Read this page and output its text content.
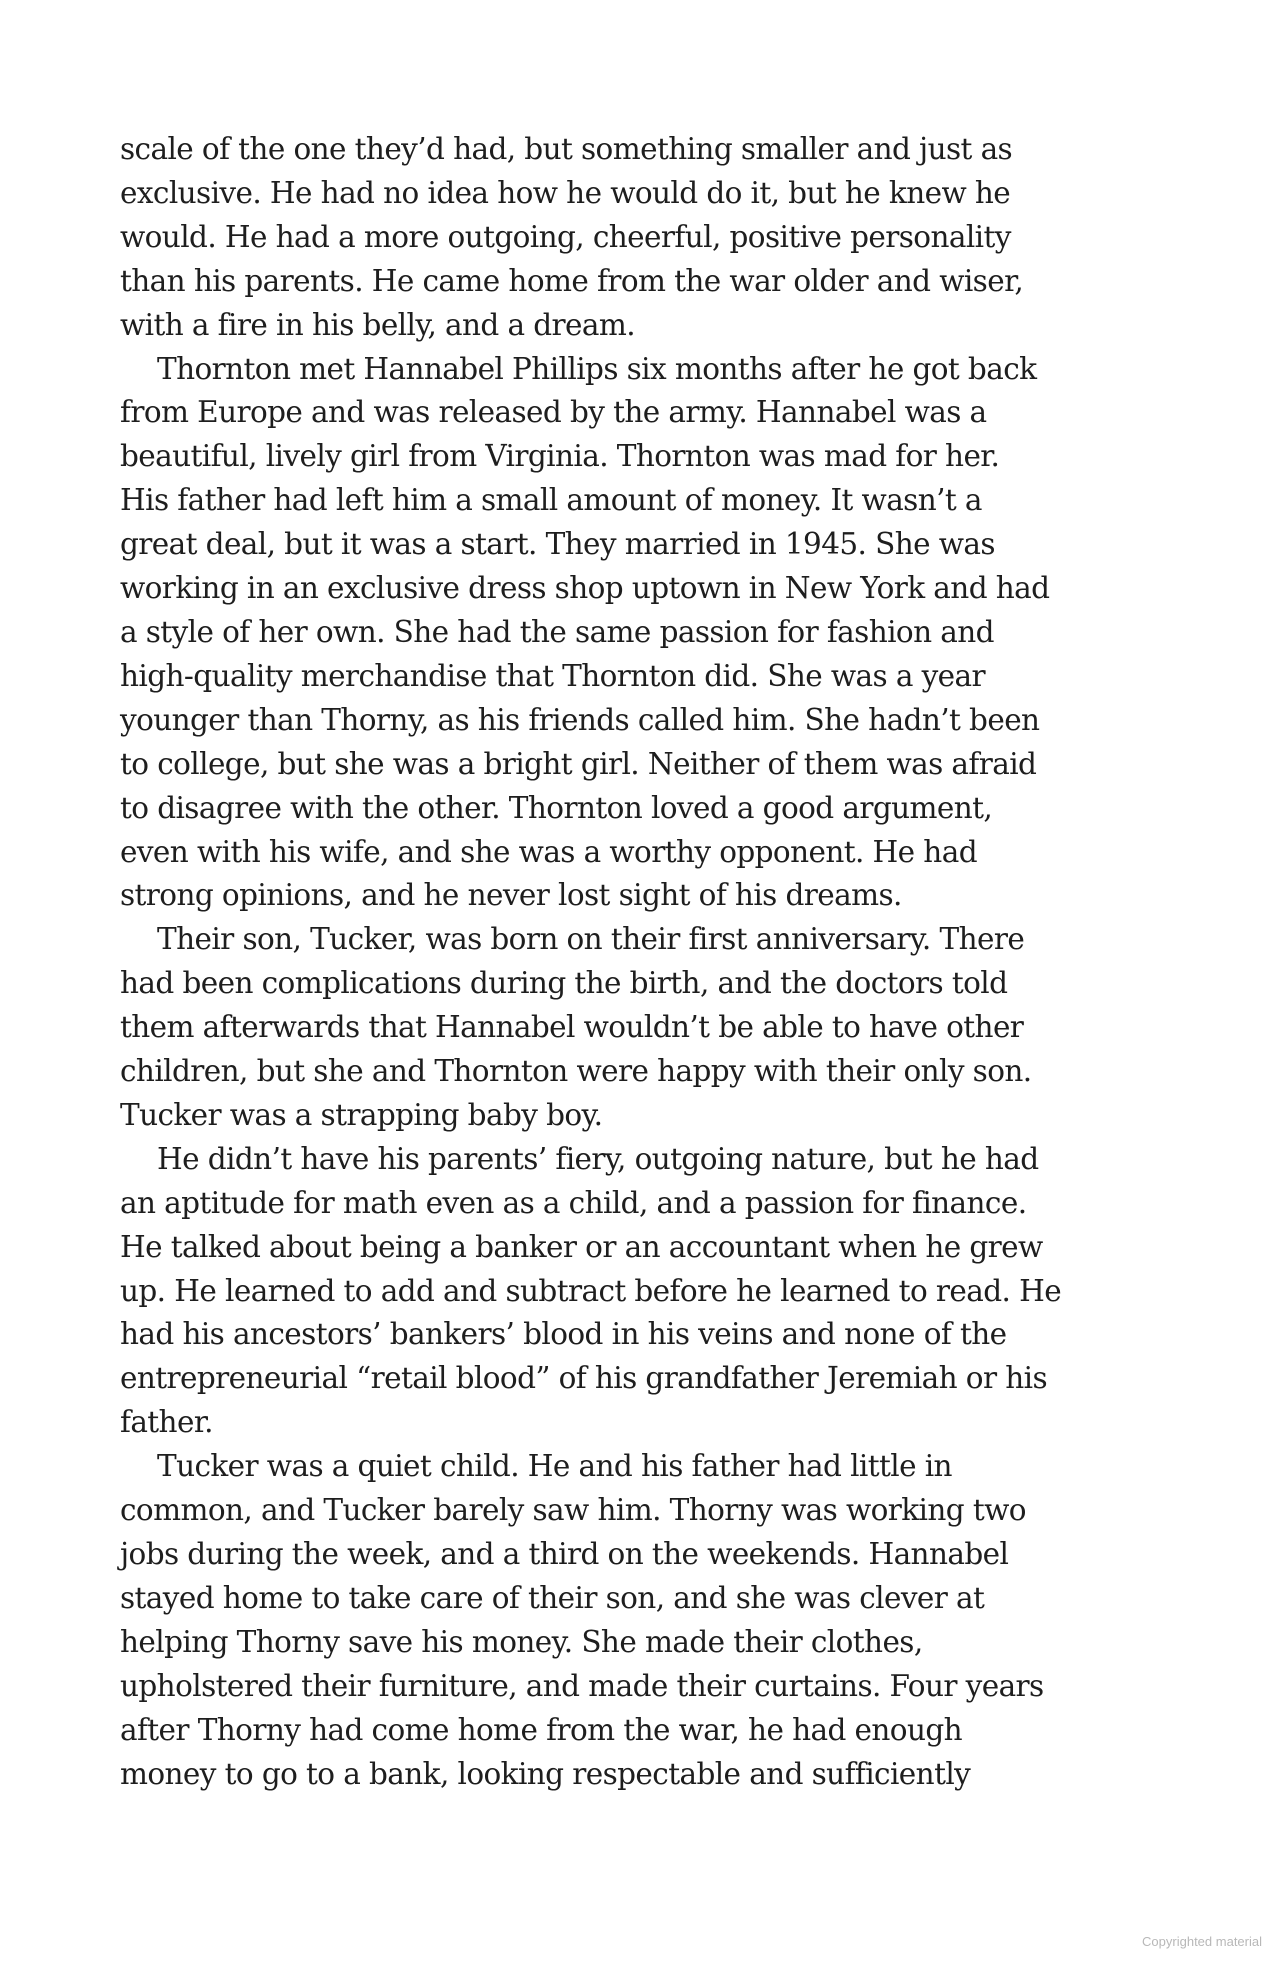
scale of the one they’d had, but something smaller and just as
exclusive. He had no idea how he would do it, but he knew he
would. He had a more outgoing, cheerful, positive personality
than his parents. He came home from the war older and wiser,
with a fire in his belly, and a dream.
Thornton met Hannabel Phillips six months after he got back
from Europe and was released by the army. Hannabel was a
beautiful, lively girl from Virginia. Thornton was mad for her.
His father had left him a small amount of money. It wasn’t a
great deal, but it was a start. They married in 1945. She was
working in an exclusive dress shop uptown in New York and had
a style of her own. She had the same passion for fashion and
high-quality merchandise that Thornton did. She was a year
younger than Thorny, as his friends called him. She hadn’t been
to college, but she was a bright girl. Neither of them was afraid
to disagree with the other. Thornton loved a good argument,
even with his wife, and she was a worthy opponent. He had
strong opinions, and he never lost sight of his dreams.
Their son, Tucker, was born on their first anniversary. There
had been complications during the birth, and the doctors told
them afterwards that Hannabel wouldn’t be able to have other
children, but she and Thornton were happy with their only son.
Tucker was a strapping baby boy.
He didn’t have his parents’ fiery, outgoing nature, but he had
an aptitude for math even as a child, and a passion for finance.
He talked about being a banker or an accountant when he grew
up. He learned to add and subtract before he learned to read. He
had his ancestors’ bankers’ blood in his veins and none of the
entrepreneurial “retail blood” of his grandfather Jeremiah or his
father.
Tucker was a quiet child. He and his father had little in
common, and Tucker barely saw him. Thorny was working two
jobs during the week, and a third on the weekends. Hannabel
stayed home to take care of their son, and she was clever at
helping Thorny save his money. She made their clothes,
upholstered their furniture, and made their curtains. Four years
after Thorny had come home from the war, he had enough
money to go to a bank, looking respectable and sufficiently
Copyrighted material
